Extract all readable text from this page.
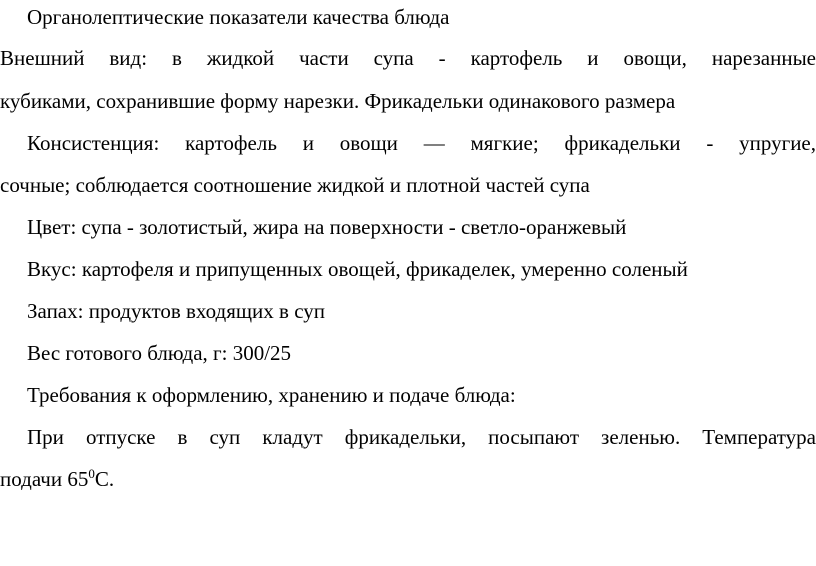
Органолептические показатели качества блюда
Внешний вид: в жидкой части супа - картофель и овощи, нарезанные
кубиками, сохранившие форму нарезки. Фрикадельки одинакового размера
Консистенция: картофель и овощи — мягкие; фрикадельки - упругие,
сочные; соблюдается соотношение жидкой и плотной частей супа
Цвет: супа - золотистый, жира на поверхности - светло-оранжевый
Вкус: картофеля и припущенных овощей, фрикаделек, умеренно соленый
Запах: продуктов входящих в суп
Вес готового блюда, г: 300/25
Требования к оформлению, хранению и подаче блюда:
При отпуске в суп кладут фрикадельки, посыпают зеленью. Температура
подачи $65^0С$.
